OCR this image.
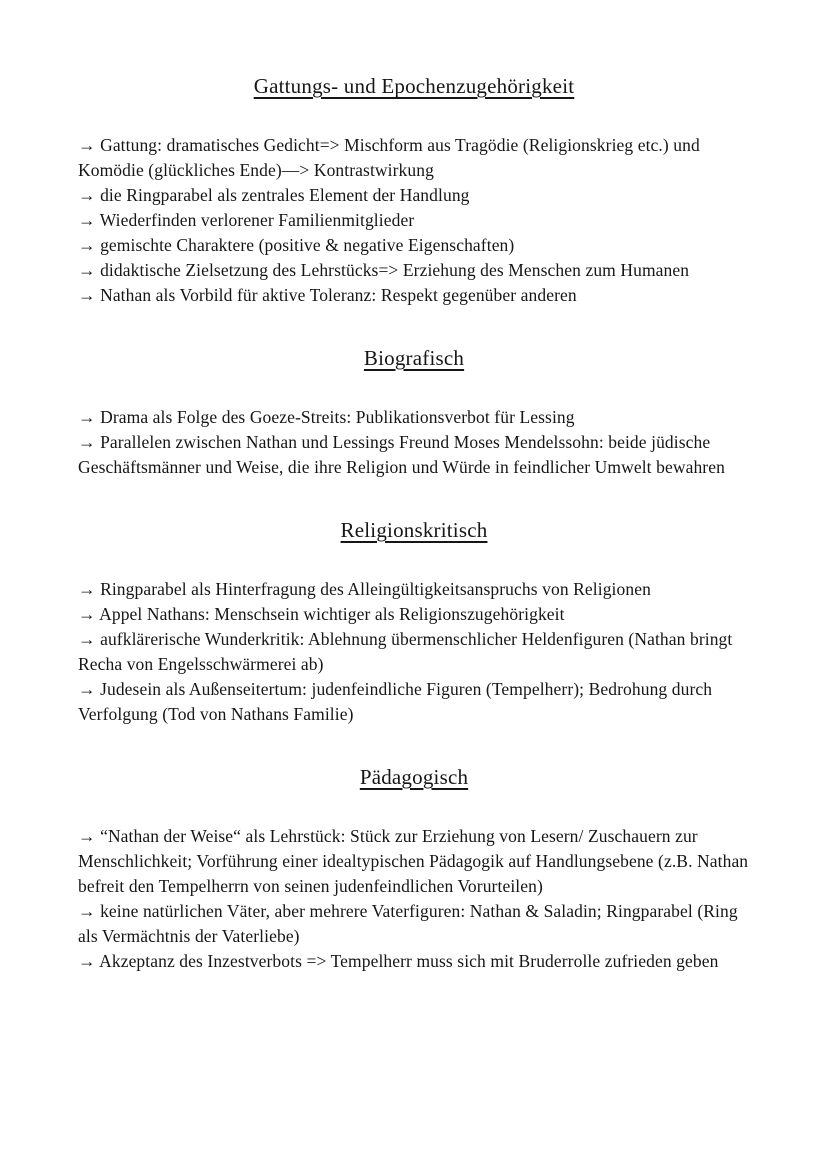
Gattungs- und Epochenzugehörigkeit

→ Gattung: dramatisches Gedicht=> Mischform aus Tragödie (Religionskrieg etc.) und Komödie (glückliches Ende)—> Kontrastwirkung

→ die Ringparabel als zentrales Element der Handlung

→ Wiederfinden verlorener Familienmitglieder

→ gemischte Charaktere (positive & negative Eigenschaften)

→ didaktische Zielsetzung des Lehrstücks=> Erziehung des Menschen zum Humanen

→ Nathan als Vorbild für aktive Toleranz: Respekt gegenüber anderen

Biografisch

→ Drama als Folge des Goeze-Streits: Publikationsverbot für Lessing

→ Parallelen zwischen Nathan und Lessings Freund Moses Mendelssohn: beide jüdische Geschäftsmänner und Weise, die ihre Religion und Würde in feindlicher Umwelt bewahren

Religionskritisch

→ Ringparabel als Hinterfragung des Alleingültigkeitsanspruchs von Religionen

→ Appel Nathans: Menschsein wichtiger als Religionszugehörigkeit

→ aufklärerische Wunderkritik: Ablehnung übermenschlicher Heldenfiguren (Nathan bringt Recha von Engelsschwärmerei ab)

→ Judesein als Außenseitertum: judenfeindliche Figuren (Tempelherr); Bedrohung durch Verfolgung (Tod von Nathans Familie)

Pädagogisch

→ “Nathan der Weise“ als Lehrstück: Stück zur Erziehung von Lesern/ Zuschauern zur Menschlichkeit; Vorführung einer idealtypischen Pädagogik auf Handlungsebene (z.B. Nathan befreit den Tempelherrn von seinen judenfeindlichen Vorurteilen)

→ keine natürlichen Väter, aber mehrere Vaterfiguren: Nathan & Saladin; Ringparabel (Ring als Vermächtnis der Vaterliebe)

→ Akzeptanz des Inzestverbots => Tempelherr muss sich mit Bruderrolle zufrieden geben
